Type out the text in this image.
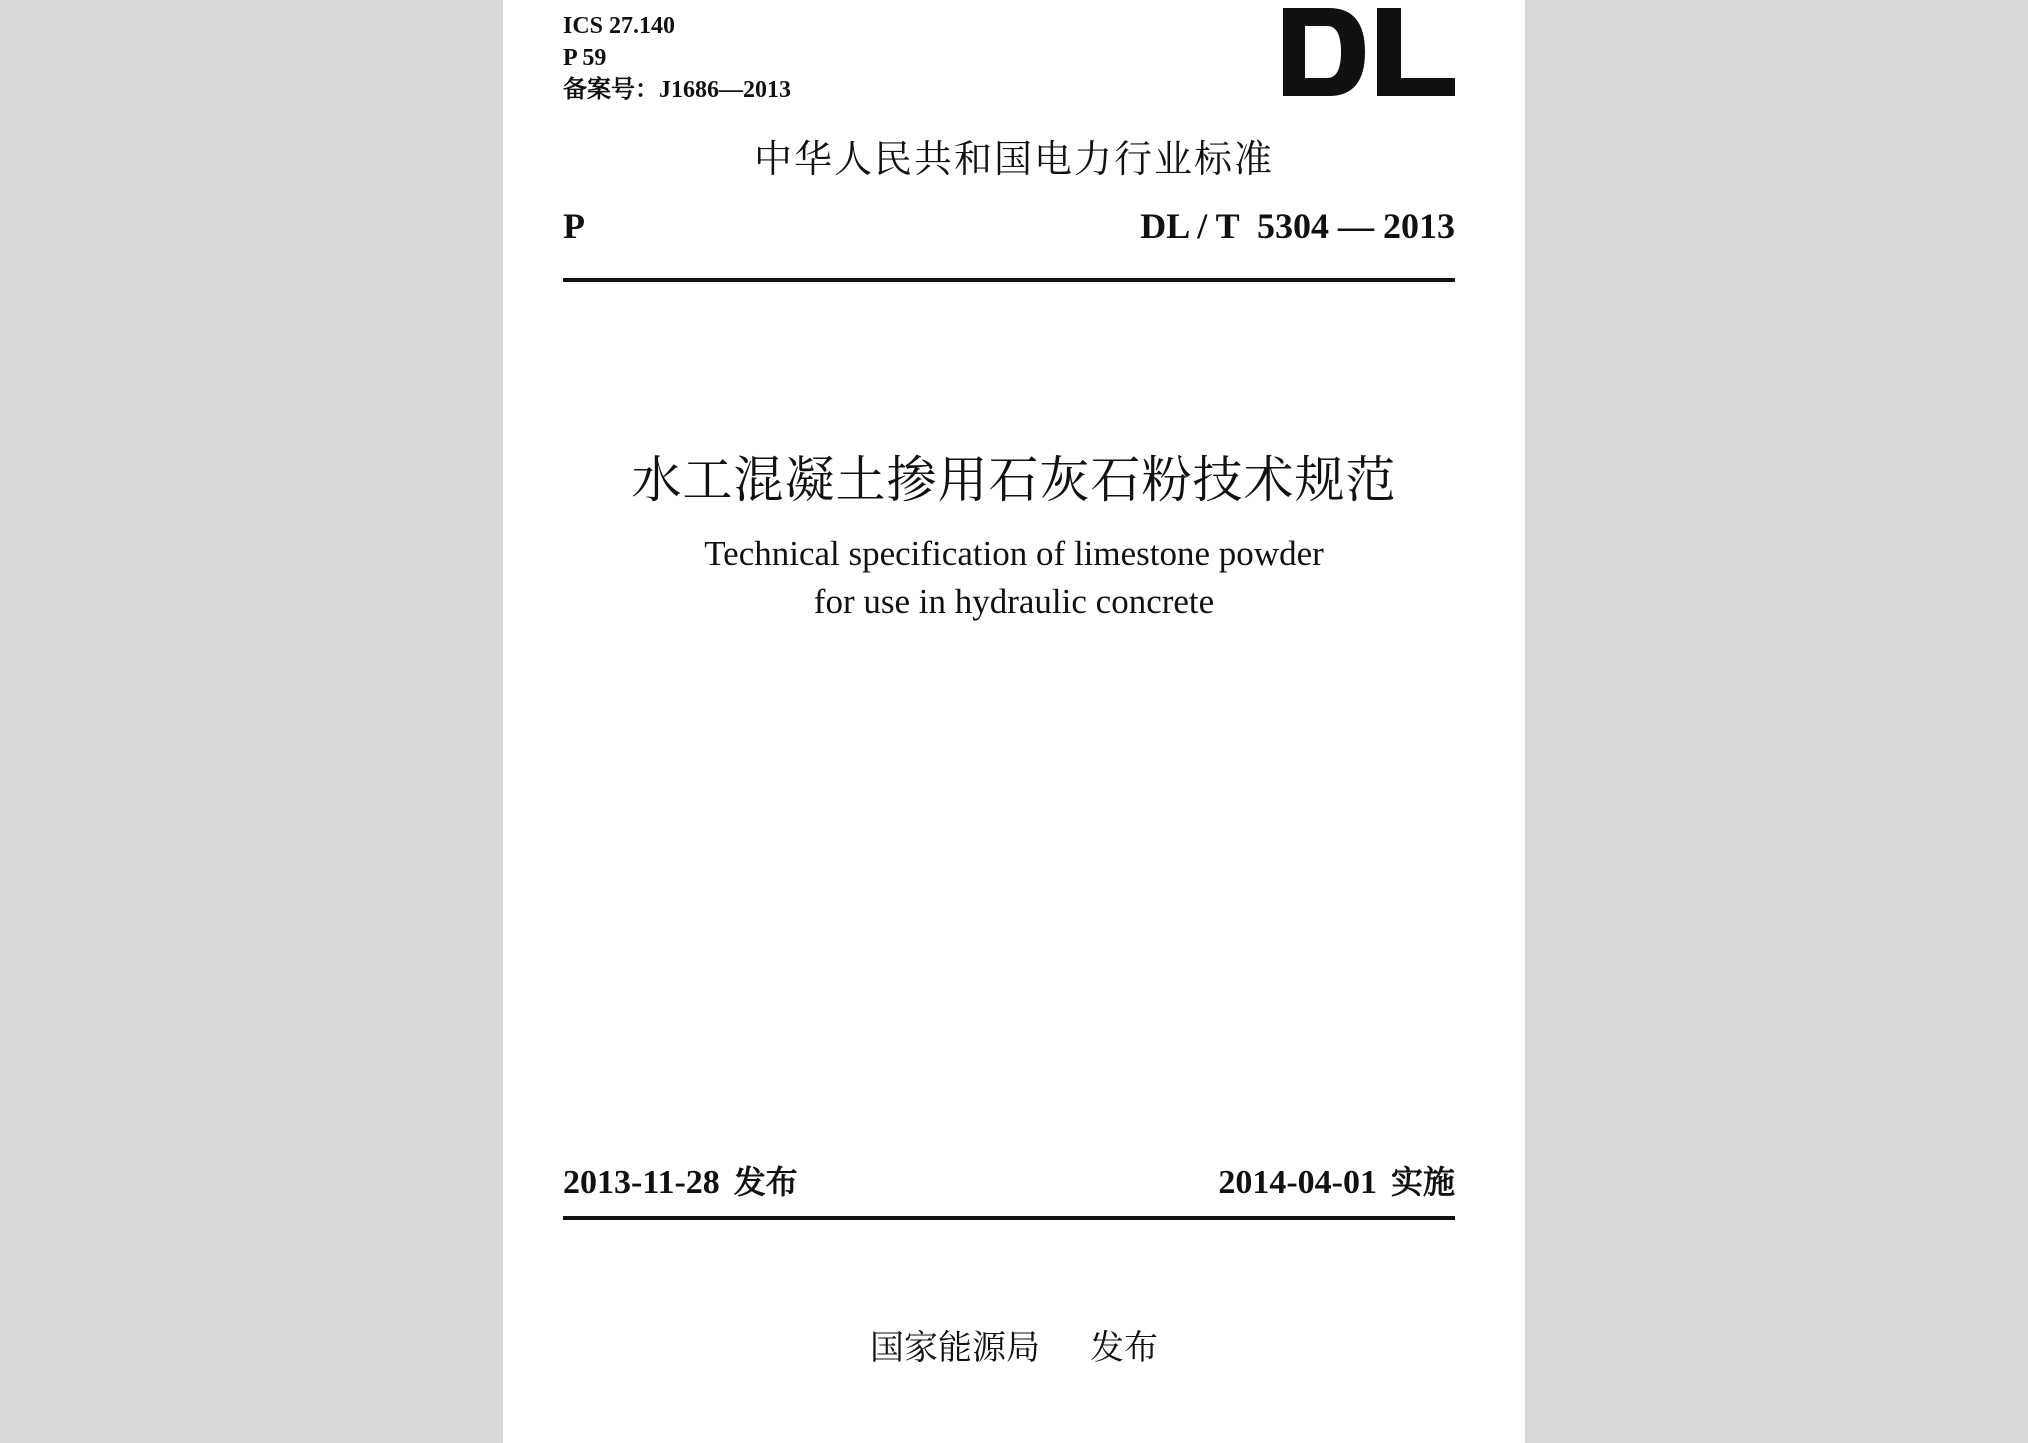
ICS 27.140
P 59
备案号：J1686—2013
中华人民共和国电力行业标准
P	DL / T  5304 — 2013
水工混凝土掺用石灰石粉技术规范
Technical specification of limestone powder
for use in hydraulic concrete
2013-11-28 发布	2014-04-01 实施
国家能源局 发布
